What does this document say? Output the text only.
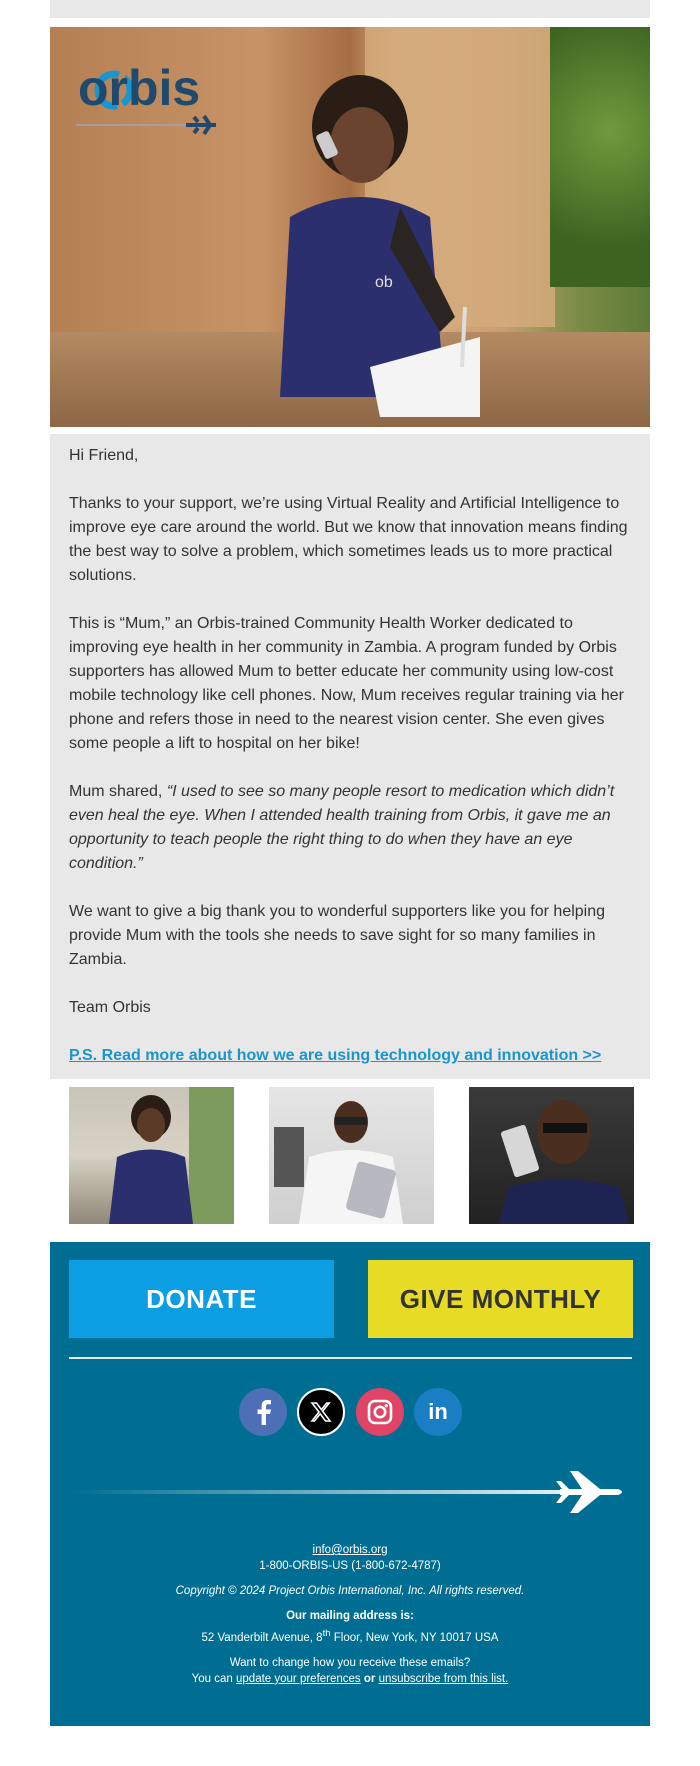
ob
orbis

Hi Friend,

Thanks to your support, we’re using Virtual Reality and Artificial Intelligence to improve eye care around the world. But we know that innovation means finding the best way to solve a problem, which sometimes leads us to more practical solutions.

This is “Mum,” an Orbis-trained Community Health Worker dedicated to improving eye health in her community in Zambia. A program funded by Orbis supporters has allowed Mum to better educate her community using low-cost mobile technology like cell phones. Now, Mum receives regular training via her phone and refers those in need to the nearest vision center. She even gives some people a lift to hospital on her bike!

Mum shared, “I used to see so many people resort to medication which didn’t even heal the eye. When I attended health training from Orbis, it gave me an opportunity to teach people the right thing to do when they have an eye condition.”

We want to give a big thank you to wonderful supporters like you for helping provide Mum with the tools she needs to save sight for so many families in Zambia.

Team Orbis

P.S. Read more about how we are using technology and innovation >>

DONATE	GIVE MONTHLY
in
info@orbis.org
1-800-ORBIS-US (1-800-672-4787)
Copyright © 2024 Project Orbis International, Inc. All rights reserved.
Our mailing address is:
52 Vanderbilt Avenue, 8th Floor, New York, NY 10017 USA
Want to change how you receive these emails?
You can update your preferences or unsubscribe from this list.
